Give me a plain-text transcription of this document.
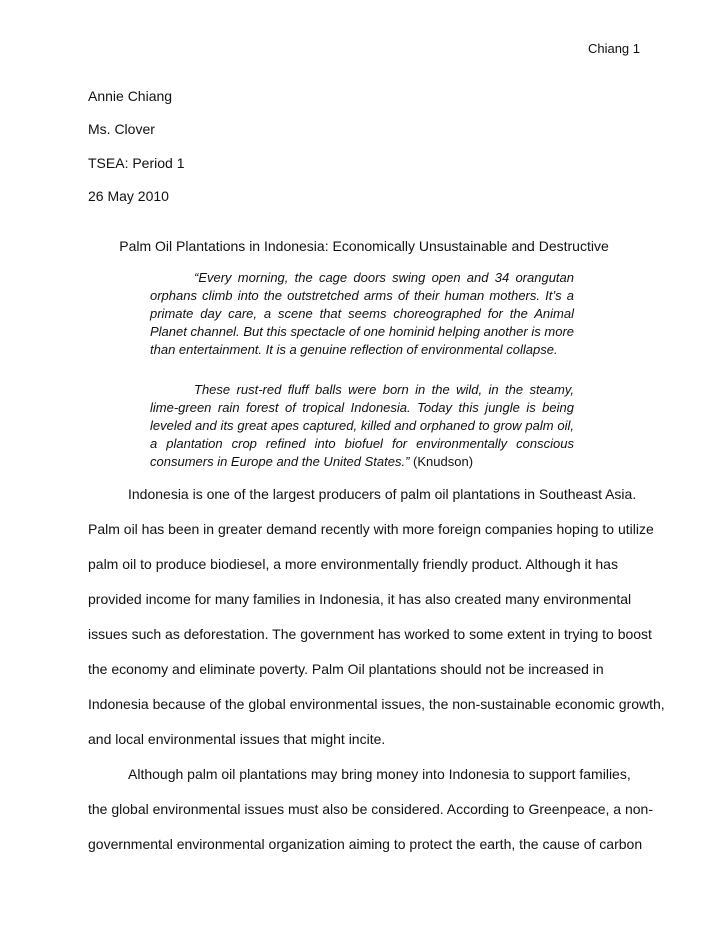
Chiang 1
Annie Chiang
Ms. Clover
TSEA: Period 1
26 May 2010
Palm Oil Plantations in Indonesia: Economically Unsustainable and Destructive

“Every morning, the cage doors swing open and 34 orangutan orphans climb into the outstretched arms of their human mothers. It’s a primate day care, a scene that seems choreographed for the Animal Planet channel. But this spectacle of one hominid helping another is more than entertainment. It is a genuine reflection of environmental collapse.

These rust-red fluff balls were born in the wild, in the steamy, lime-green rain forest of tropical Indonesia. Today this jungle is being leveled and its great apes captured, killed and orphaned to grow palm oil, a plantation crop refined into biofuel for environmentally conscious consumers in Europe and the United States.” (Knudson)

Indonesia is one of the largest producers of palm oil plantations in Southeast Asia.
Palm oil has been in greater demand recently with more foreign companies hoping to utilize
palm oil to produce biodiesel, a more environmentally friendly product. Although it has
provided income for many families in Indonesia, it has also created many environmental
issues such as deforestation. The government has worked to some extent in trying to boost
the economy and eliminate poverty. Palm Oil plantations should not be increased in
Indonesia because of the global environmental issues, the non-sustainable economic growth,
and local environmental issues that might incite.
Although palm oil plantations may bring money into Indonesia to support families,
the global environmental issues must also be considered. According to Greenpeace, a non-
governmental environmental organization aiming to protect the earth, the cause of carbon
